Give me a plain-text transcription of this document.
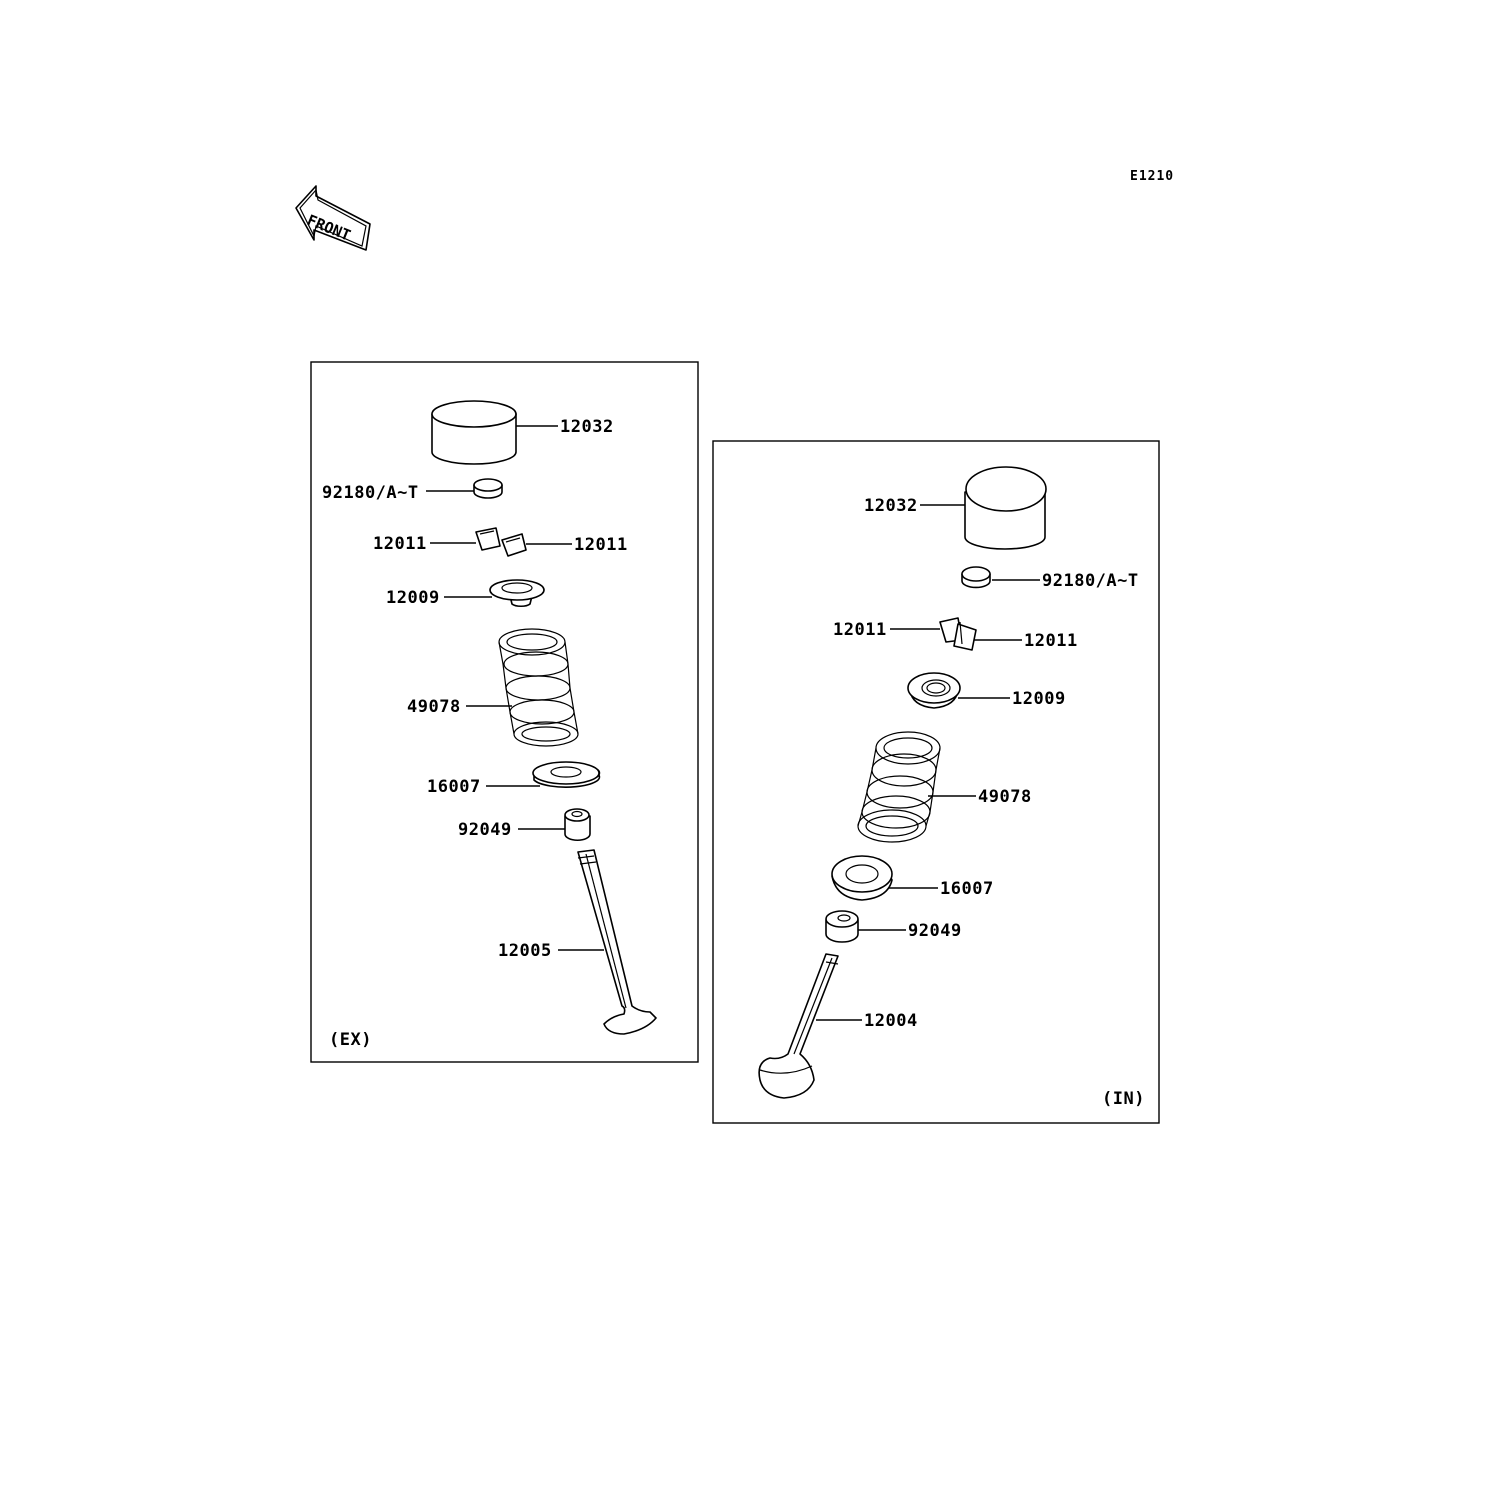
E1210
FRONT
12032
92180/A~T
12011	12011
12009
49078
16007
92049
12005
(EX)
12032
92180/A~T
12011
12011
12009
49078
16007
92049
12004
(IN)
